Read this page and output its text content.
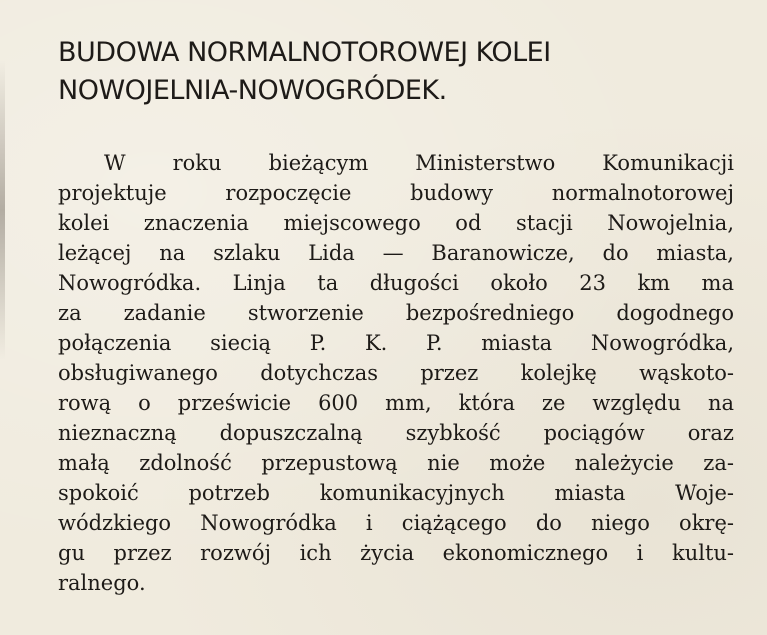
BUDOWA NORMALNOTOROWEJ KOLEI
NOWOJELNIA-NOWOGRÓDEK.
W roku bieżącym Ministerstwo Komunikacji
projektuje rozpoczęcie budowy normalnotorowej
kolei znaczenia miejscowego od stacji Nowojelnia,
leżącej na szlaku Lida — Baranowicze, do miasta,
Nowogródka. Linja ta długości około 23 km ma
za zadanie stworzenie bezpośredniego dogodnego
połączenia siecią P. K. P. miasta Nowogródka,
obsługiwanego dotychczas przez kolejkę wąskoto-
rową o prześwicie 600 mm, która ze względu na
nieznaczną dopuszczalną szybkość pociągów oraz
małą zdolność przepustową nie może należycie za-
spokoić potrzeb komunikacyjnych miasta Woje-
wódzkiego Nowogródka i ciążącego do niego okrę-
gu przez rozwój ich życia ekonomicznego i kultu-
ralnego.
